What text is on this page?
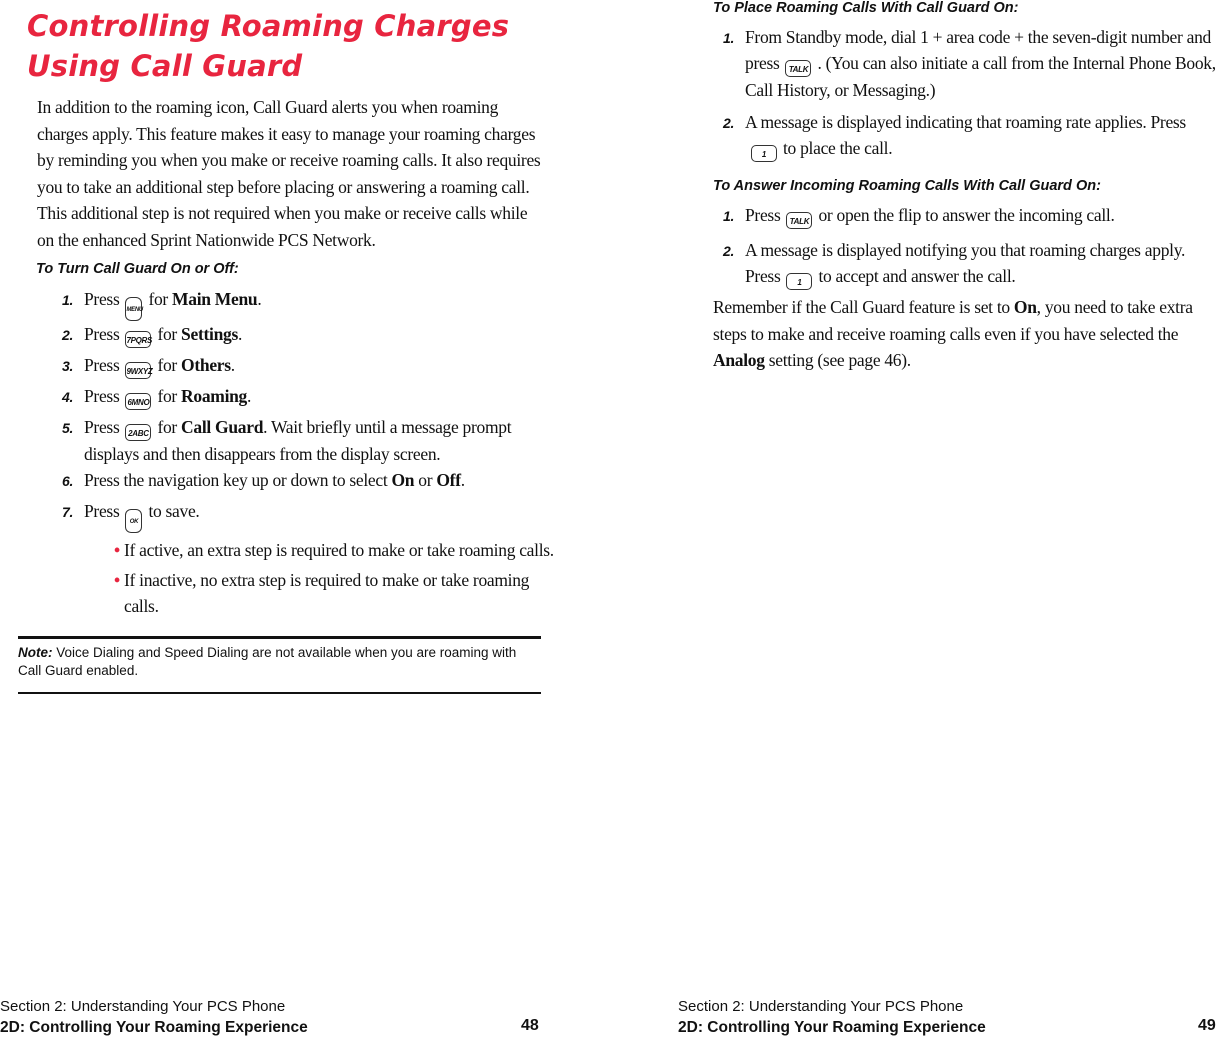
Controlling Roaming Charges Using Call Guard

In addition to the roaming icon, Call Guard alerts you when roaming charges apply. This feature makes it easy to manage your roaming charges by reminding you when you make or receive roaming calls. It also requires you to take an additional step before placing or answering a roaming call. This additional step is not required when you make or receive calls while on the enhanced Sprint Nationwide PCS Network.

To Turn Call Guard On or Off:

1. PressMENUfor Main Menu.
2. Press 7PQRS for Settings.
3. Press 9WXYZ for Others.
4. Press 6MNO for Roaming.
5. Press 2ABC for Call Guard. Wait briefly until a message prompt displays and then disappears from the display screen.
6. Press the navigation key up or down to select On or Off.
7. PressOKto save.
• If active, an extra step is required to make or take roaming calls.
• If inactive, no extra step is required to make or take roaming calls.
Note: Voice Dialing and Speed Dialing are not available when you are roaming with Call Guard enabled.
Section 2: Understanding Your PCS Phone
2D: Controlling Your Roaming Experience	48

To Place Roaming Calls With Call Guard On:

1. From Standby mode, dial 1 + area code + the seven-digit number and press TALK . (You can also initiate a call from the Internal Phone Book, Call History, or Messaging.)
2. A message is displayed indicating that roaming rate applies. Press1 to place the call.

To Answer Incoming Roaming Calls With Call Guard On:

1. Press TALK or open the flip to answer the incoming call.
2. A message is displayed notifying you that roaming charges apply. Press 1 to accept and answer the call.

Remember if the Call Guard feature is set to On, you need to take extra steps to make and receive roaming calls even if you have selected the Analog setting (see page 46).

Section 2: Understanding Your PCS Phone
2D: Controlling Your Roaming Experience	49
